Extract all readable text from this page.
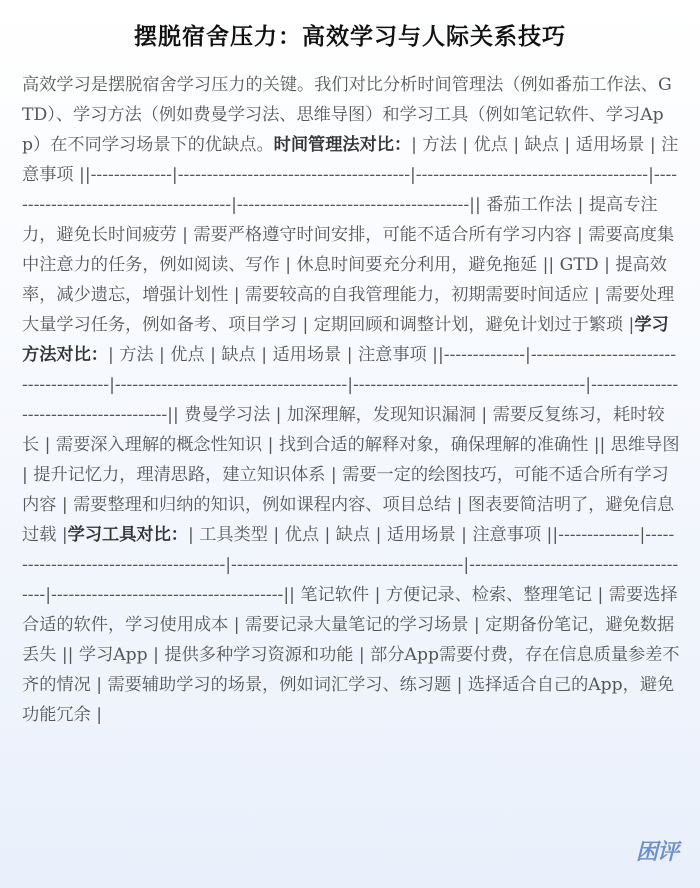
摆脱宿舍压力：高效学习与人际关系技巧

高效学习是摆脱宿舍学习压力的关键。我们对比分析时间管理法（例如番茄工作法、GTD）、学习方法（例如费曼学习法、思维导图）和学习工具（例如笔记软件、学习App）在不同学习场景下的优缺点。时间管理法对比：| 方法 | 优点 | 缺点 | 适用场景 | 注意事项 ||--------------|----------------------------------------|----------------------------------------|----------------------------------------|----------------------------------------|| 番茄工作法 | 提高专注力，避免长时间疲劳 | 需要严格遵守时间安排，可能不适合所有学习内容 | 需要高度集中注意力的任务，例如阅读、写作 | 休息时间要充分利用，避免拖延 || GTD | 提高效率，减少遗忘，增强计划性 | 需要较高的自我管理能力，初期需要时间适应 | 需要处理大量学习任务，例如备考、项目学习 | 定期回顾和调整计划，避免计划过于繁琐 |学习方法对比：| 方法 | 优点 | 缺点 | 适用场景 | 注意事项 ||--------------|----------------------------------------|----------------------------------------|----------------------------------------|----------------------------------------|| 费曼学习法 | 加深理解，发现知识漏洞 | 需要反复练习，耗时较长 | 需要深入理解的概念性知识 | 找到合适的解释对象，确保理解的准确性 || 思维导图 | 提升记忆力，理清思路，建立知识体系 | 需要一定的绘图技巧，可能不适合所有学习内容 | 需要整理和归纳的知识，例如课程内容、项目总结 | 图表要简洁明了，避免信息过载 |学习工具对比：| 工具类型 | 优点 | 缺点 | 适用场景 | 注意事项 ||--------------|----------------------------------------|----------------------------------------|----------------------------------------|----------------------------------------|| 笔记软件 | 方便记录、检索、整理笔记 | 需要选择合适的软件，学习使用成本 | 需要记录大量笔记的学习场景 | 定期备份笔记，避免数据丢失 || 学习App | 提供多种学习资源和功能 | 部分App需要付费，存在信息质量参差不齐的情况 | 需要辅助学习的场景，例如词汇学习、练习题 | 选择适合自己的App，避免功能冗余 |

困评
